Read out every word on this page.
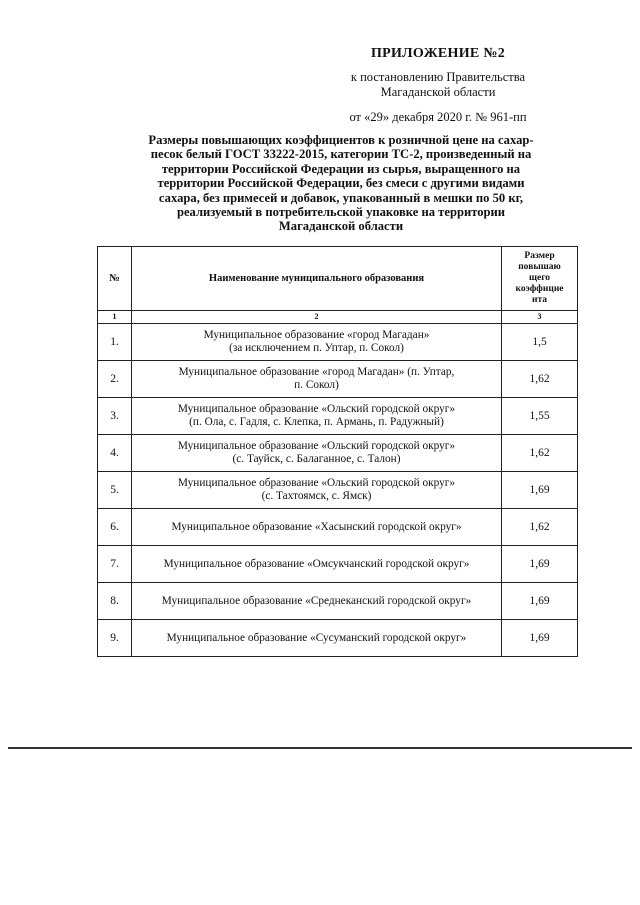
ПРИЛОЖЕНИЕ №2
к постановлению Правительства
Магаданской области
от «29» декабря 2020 г. № 961-пп
Размеры повышающих коэффициентов к розничной цене на сахар-
песок белый ГОСТ 33222-2015, категории ТС-2, произведенный на
территории Российской Федерации из сырья, выращенного на
территории Российской Федерации, без смеси с другими видами
сахара, без примесей и добавок, упакованный в мешки по 50 кг,
реализуемый в потребительской упаковке на территории
Магаданской области
№	Наименование муниципального образования	Размер
повышаю
щего
коэффицие
нта

1	2	3
1.	Муниципальное образование «город Магадан»
(за исключением п. Уптар, п. Сокол)	1,5
2.	Муниципальное образование «город Магадан» (п. Уптар,
п. Сокол)	1,62
3.	Муниципальное образование «Ольский городской округ»
(п. Ола, с. Гадля, с. Клепка, п. Армань, п. Радужный)	1,55
4.	Муниципальное образование «Ольский городской округ»
(с. Тауйск, с. Балаганное, с. Талон)	1,62
5.	Муниципальное образование «Ольский городской округ»
(с. Тахтоямск, с. Ямск)	1,69
6.	Муниципальное образование «Хасынский городской округ»	1,62
7.	Муниципальное образование «Омсукчанский городской округ»	1,69
8.	Муниципальное образование «Среднеканский городской округ»	1,69
9.	Муниципальное образование «Сусуманский городской округ»	1,69
